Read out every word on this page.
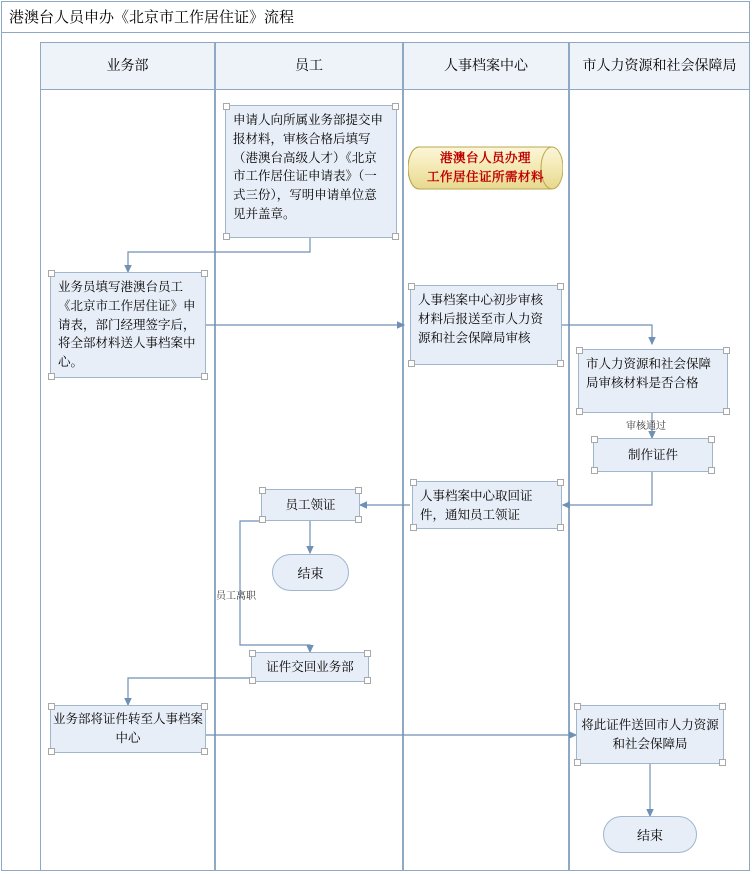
港澳台人员申办《北京市工作居住证》流程
业务部	员工	人事档案中心	市人力资源和社会保障局
审核通过
员工离职
申请人向所属业务部提交申报材料，审核合格后填写（港澳台高级人才）《北京市工作居住证申请表》（一式三份），写明申请单位意见并盖章。
港澳台人员办理
工作居住证所需材料
业务员填写港澳台员工《北京市工作居住证》申请表，部门经理签字后，将全部材料送人事档案中心。
人事档案中心初步审核材料后报送至市人力资源和社会保障局审核
市人力资源和社会保障局审核材料是否合格
制作证件
人事档案中心取回证件，通知员工领证
员工领证
结束
证件交回业务部
业务部将证件转至人事档案中心
将此证件送回市人力资源和社会保障局
结束
